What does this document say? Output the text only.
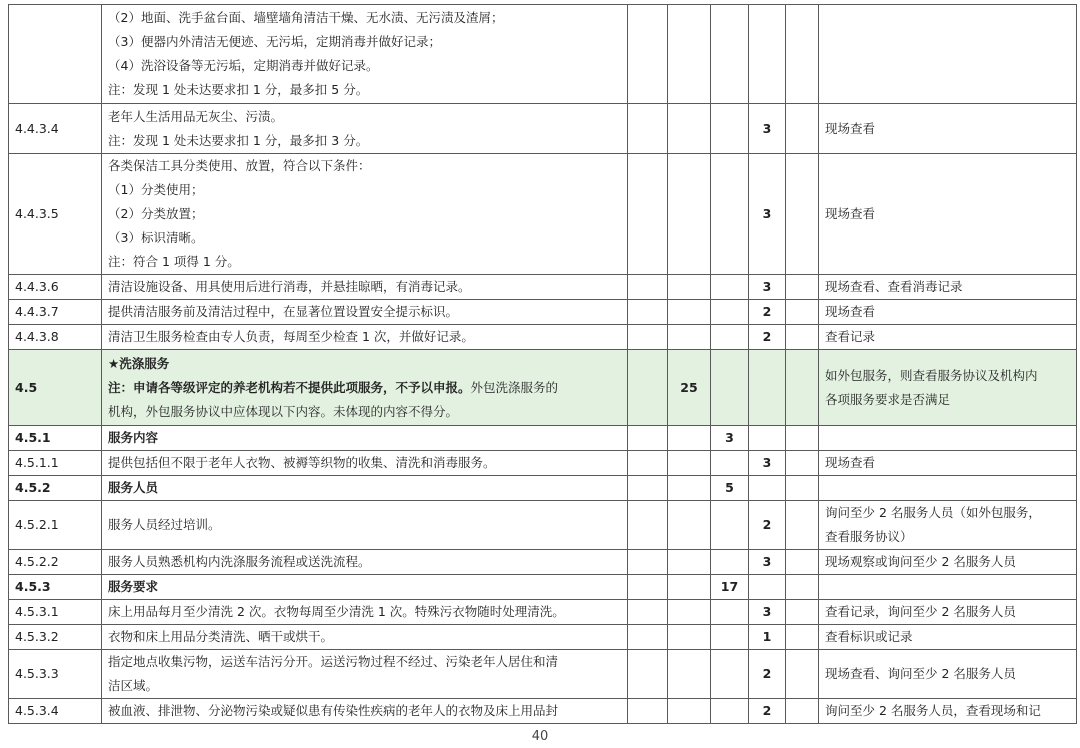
	（2）地面、洗手盆台面、墙壁墙角清洁干燥、无水渍、无污渍及渣屑；
（3）便器内外清洁无便迹、无污垢，定期消毒并做好记录；
（4）洗浴设备等无污垢，定期消毒并做好记录。
注：发现 1 处未达要求扣 1 分，最多扣 5 分。						

4.4.3.4	老年人生活用品无灰尘、污渍。
注：发现 1 处未达要求扣 1 分，最多扣 3 分。				3		现场查看

4.4.3.5	各类保洁工具分类使用、放置，符合以下条件：
（1）分类使用；
（2）分类放置；
（3）标识清晰。
注：符合 1 项得 1 分。				3		现场查看

4.4.3.6	清洁设施设备、用具使用后进行消毒，并悬挂晾晒，有消毒记录。				3		现场查看、查看消毒记录

4.4.3.7	提供清洁服务前及清洁过程中，在显著位置设置安全提示标识。				2		现场查看

4.4.3.8	清洁卫生服务检查由专人负责，每周至少检查 1 次，并做好记录。				2		查看记录

4.5	★洗涤服务
注：申请各等级评定的养老机构若不提供此项服务，不予以申报。外包洗涤服务的
机构，外包服务协议中应体现以下内容。未体现的内容不得分。		25				如外包服务，则查看服务协议及机构内
各项服务要求是否满足

4.5.1	服务内容			3			
4.5.1.1	提供包括但不限于老年人衣物、被褥等织物的收集、清洗和消毒服务。				3		现场查看

4.5.2	服务人员			5			
4.5.2.1	服务人员经过培训。				2		询问至少 2 名服务人员（如外包服务，
查看服务协议）

4.5.2.2	服务人员熟悉机构内洗涤服务流程或送洗流程。				3		现场观察或询问至少 2 名服务人员

4.5.3	服务要求			17			
4.5.3.1	床上用品每月至少清洗 2 次。衣物每周至少清洗 1 次。特殊污衣物随时处理清洗。				3		查看记录，询问至少 2 名服务人员

4.5.3.2	衣物和床上用品分类清洗、晒干或烘干。				1		查看标识或记录

4.5.3.3	指定地点收集污物，运送车洁污分开。运送污物过程不经过、污染老年人居住和清
洁区域。				2		现场查看、询问至少 2 名服务人员

4.5.3.4	被血液、排泄物、分泌物污染或疑似患有传染性疾病的老年人的衣物及床上用品封				2		询问至少 2 名服务人员，查看现场和记
40
